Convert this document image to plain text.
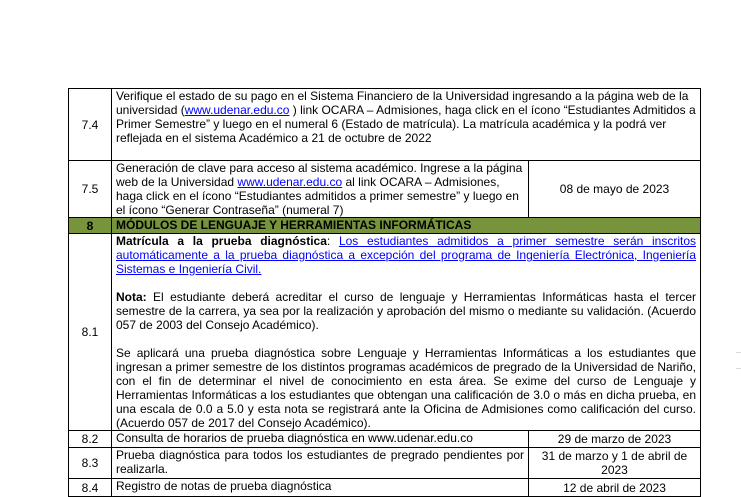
7.4	Verifique el estado de su pago en el Sistema Financiero de la Universidad ingresando a la página web de la universidad (www.udenar.edu.co ) link OCARA – Admisiones, haga click en el ícono “Estudiantes Admitidos a Primer Semestre” y luego en el numeral 6 (Estado de matrícula). La matrícula académica y la podrá ver reflejada en el sistema Académico a 21 de octubre de 2022	
7.5	Generación de clave para acceso al sistema académico. Ingrese a la página web de la Universidad www.udenar.edu.co al link OCARA – Admisiones, haga click en el ícono “Estudiantes admitidos a primer semestre” y luego en el ícono “Generar Contraseña” (numeral 7)	08 de mayo de 2023
8	MÓDULOS DE LENGUAJE Y HERRAMIENTAS INFORMÁTICAS	
8.1	Matrícula a la prueba diagnóstica: Los estudiantes admitidos a primer semestre serán inscritos automáticamente a la prueba diagnóstica a excepción del programa de Ingeniería Electrónica, Ingeniería Sistemas e Ingeniería Civil.

Nota: El estudiante deberá acreditar el curso de lenguaje y Herramientas Informáticas hasta el tercer semestre de la carrera, ya sea por la realización y aprobación del mismo o mediante su validación. (Acuerdo 057 de 2003 del Consejo Académico).

Se aplicará una prueba diagnóstica sobre Lenguaje y Herramientas Informáticas a los estudiantes que ingresan a primer semestre de los distintos programas académicos de pregrado de la Universidad de Nariño, con el fin de determinar el nivel de conocimiento en esta área. Se exime del curso de Lenguaje y Herramientas Informáticas a los estudiantes que obtengan una calificación de 3.0 o más en dicha prueba, en una escala de 0.0 a 5.0 y esta nota se registrará ante la Oficina de Admisiones como calificación del curso. (Acuerdo 057 de 2017 del Consejo Académico).	

8.2	Consulta de horarios de prueba diagnóstica en www.udenar.edu.co	29 de marzo de 2023
8.3	Prueba diagnóstica para todos los estudiantes de pregrado pendientes por realizarla.	31 de marzo y 1 de abril de 2023
8.4	Registro de notas de prueba diagnóstica	12 de abril de 2023
